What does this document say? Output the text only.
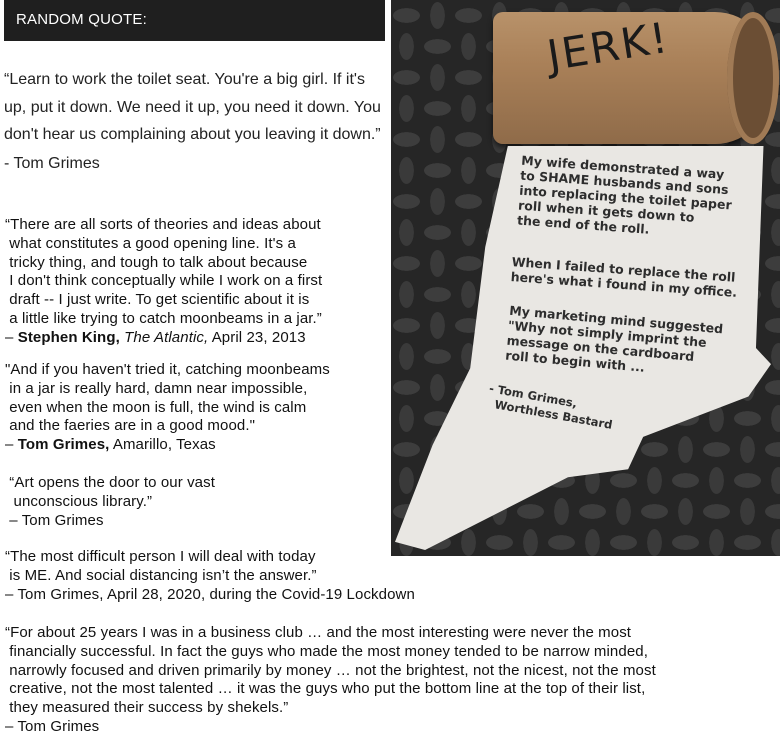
RANDOM QUOTE:
“Learn to work the toilet seat. You're a big girl. If it's up, put it down. We need it up, you need it down. You don't hear us complaining about you leaving it down.”
- Tom Grimes
“There are all sorts of theories and ideas about
what constitutes a good opening line. It's a
tricky thing, and tough to talk about because
I don't think conceptually while I work on a first
draft -- I just write. To get scientific about it is
a little like trying to catch moonbeams in a jar.”
– Stephen King, The Atlantic, April 23, 2013
"And if you haven't tried it, catching moonbeams
in a jar is really hard, damn near impossible,
even when the moon is full, the wind is calm
and the faeries are in a good mood."
– Tom Grimes, Amarillo, Texas
“Art opens the door to our vast
unconscious library.”
– Tom Grimes
“The most difficult person I will deal with today
is ME. And social distancing isn’t the answer.”
– Tom Grimes, April 28, 2020, during the Covid-19 Lockdown
“For about 25 years I was in a business club … and the most interesting were never the most
financially successful. In fact the guys who made the most money tended to be narrow minded,
narrowly focused and driven primarily by money … not the brightest, not the nicest, not the most
creative, not the most talented … it was the guys who put the bottom line at the top of their list,
they measured their success by shekels.”
– Tom Grimes
JERK!
My wife demonstrated a way
to SHAME husbands and sons
into replacing the toilet paper
roll when it gets down to
the end of the roll.
When I failed to replace the roll
here's what i found in my office.
My marketing mind suggested
"Why not simply imprint the
message on the cardboard
roll to begin with ...
- Tom Grimes,
Worthless Bastard
